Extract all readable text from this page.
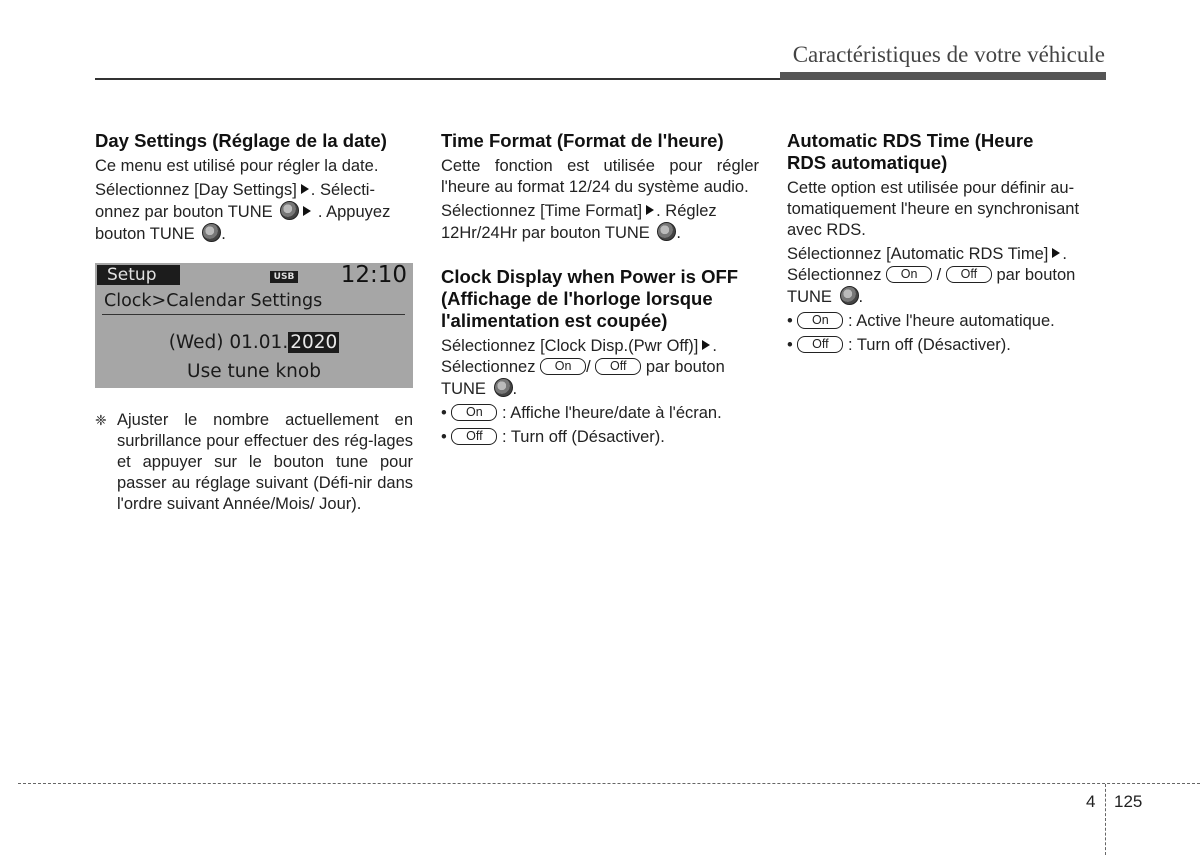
Caractéristiques de votre véhicule
Day Settings (Réglage de la date)

Ce menu est utilisé pour régler la date.

Sélectionnez [Day Settings] . Sélecti-
onnez par bouton TUNE	. Appuyez
bouton TUNE .

Setup	USB 12:10
Clock>Calendar Settings
(Wed) 01.01. 2020
Use tune knob
❈ Ajuster le nombre actuellement en surbrillance pour effectuer des rég-lages et appuyer sur le bouton tune pour passer au réglage suivant (Défi-nir dans l'ordre suivant Année/Mois/ Jour).
Time Format (Format de l'heure)

Cette fonction est utilisée pour régler l'heure au format 12/24 du système audio.

Sélectionnez [Time Format] . Réglez
12Hr/24Hr par bouton TUNE .

Clock Display when Power is OFF (Affichage de l'horloge lorsque l'alimentation est coupée)

Sélectionnez [Clock Disp.(Pwr Off)] .
Sélectionnez On / Off par bouton
TUNE .

• On : Affiche l'heure/date à l'écran.
• Off : Turn off (Désactiver).
Automatic RDS Time (Heure RDS automatique)

Cette option est utilisée pour définir au-tomatiquement l'heure en synchronisant avec RDS.

Sélectionnez [Automatic RDS Time] .
Sélectionnez On / Off par bouton
TUNE .

• On : Active l'heure automatique.
• Off : Turn off (Désactiver).
4 125
